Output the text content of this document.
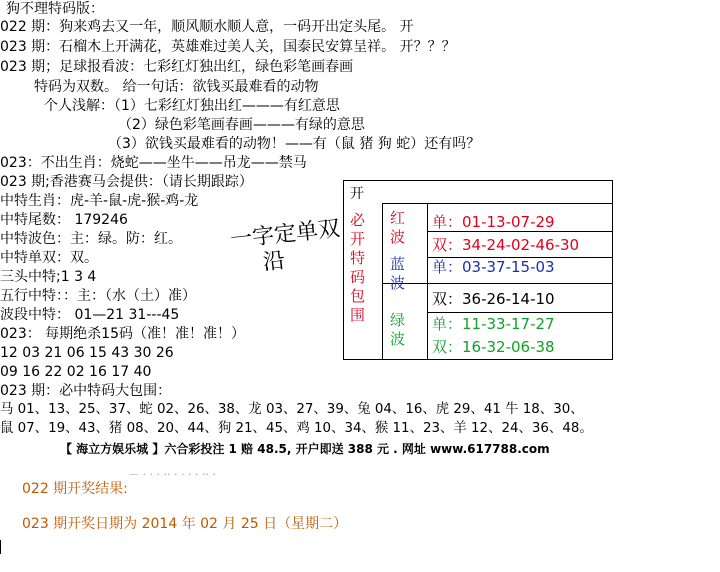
狗不理特码版：
022 期：狗来鸡去又一年，顺风顺水顺人意，一码开出定头尾。 开
023 期：石榴木上开满花，英雄难过美人关，国泰民安算呈祥。 开？？？
023 期；足球报看波：七彩红灯独出红，绿色彩笔画春画
特码为双数。 给一句话：欲钱买最难看的动物
个人浅解：（1）七彩红灯独出红———有红意思
（2）绿色彩笔画春画———有绿的意思
（3）欲钱买最难看的动物！——有（鼠 猪 狗 蛇）还有吗？
023：不出生肖：烧蛇——坐牛——吊龙——禁马
023 期;香港赛马会提供：（请长期跟踪）
中特生肖：虎-羊-鼠-虎-猴-鸡-龙
中特尾数： 179246
中特波色：主：绿。防：红。
中特单双：双。
三头中特;1 3 4
五行中特：：主：（水（土）准）
波段中特： 01—21 31---45
023： 每期绝杀15码（准！准！准！）
12 03 21 06 15 43 30 26
09 16 22 02 16 17 40
023 期：必中特码大包围：
马 01、13、25、37、蛇 02、26、38、龙 03、27、39、兔 04、16、虎 29、41 牛 18、30、
鼠 07、19、43、猪 08、20、44、狗 21、45、鸡 10、34、猴 11、23、羊 12、24、36、48。
【 海立方娱乐城 】六合彩投注 1 赔 48.5, 开户即送 388 元 . 网址 www.617788.com
－ · · · ·· · · · · ·· ·
022 期开奖结果:
023 期开奖日期为 2014 年 02 月 25 日（星期二）
一字定单双
沿
开
必
开
特
码
包
围
红波
蓝波
绿波
单：01-13-07-29
双：34-24-02-46-30
单：03-37-15-03
双：36-26-14-10
单：11-33-17-27
双：16-32-06-38
